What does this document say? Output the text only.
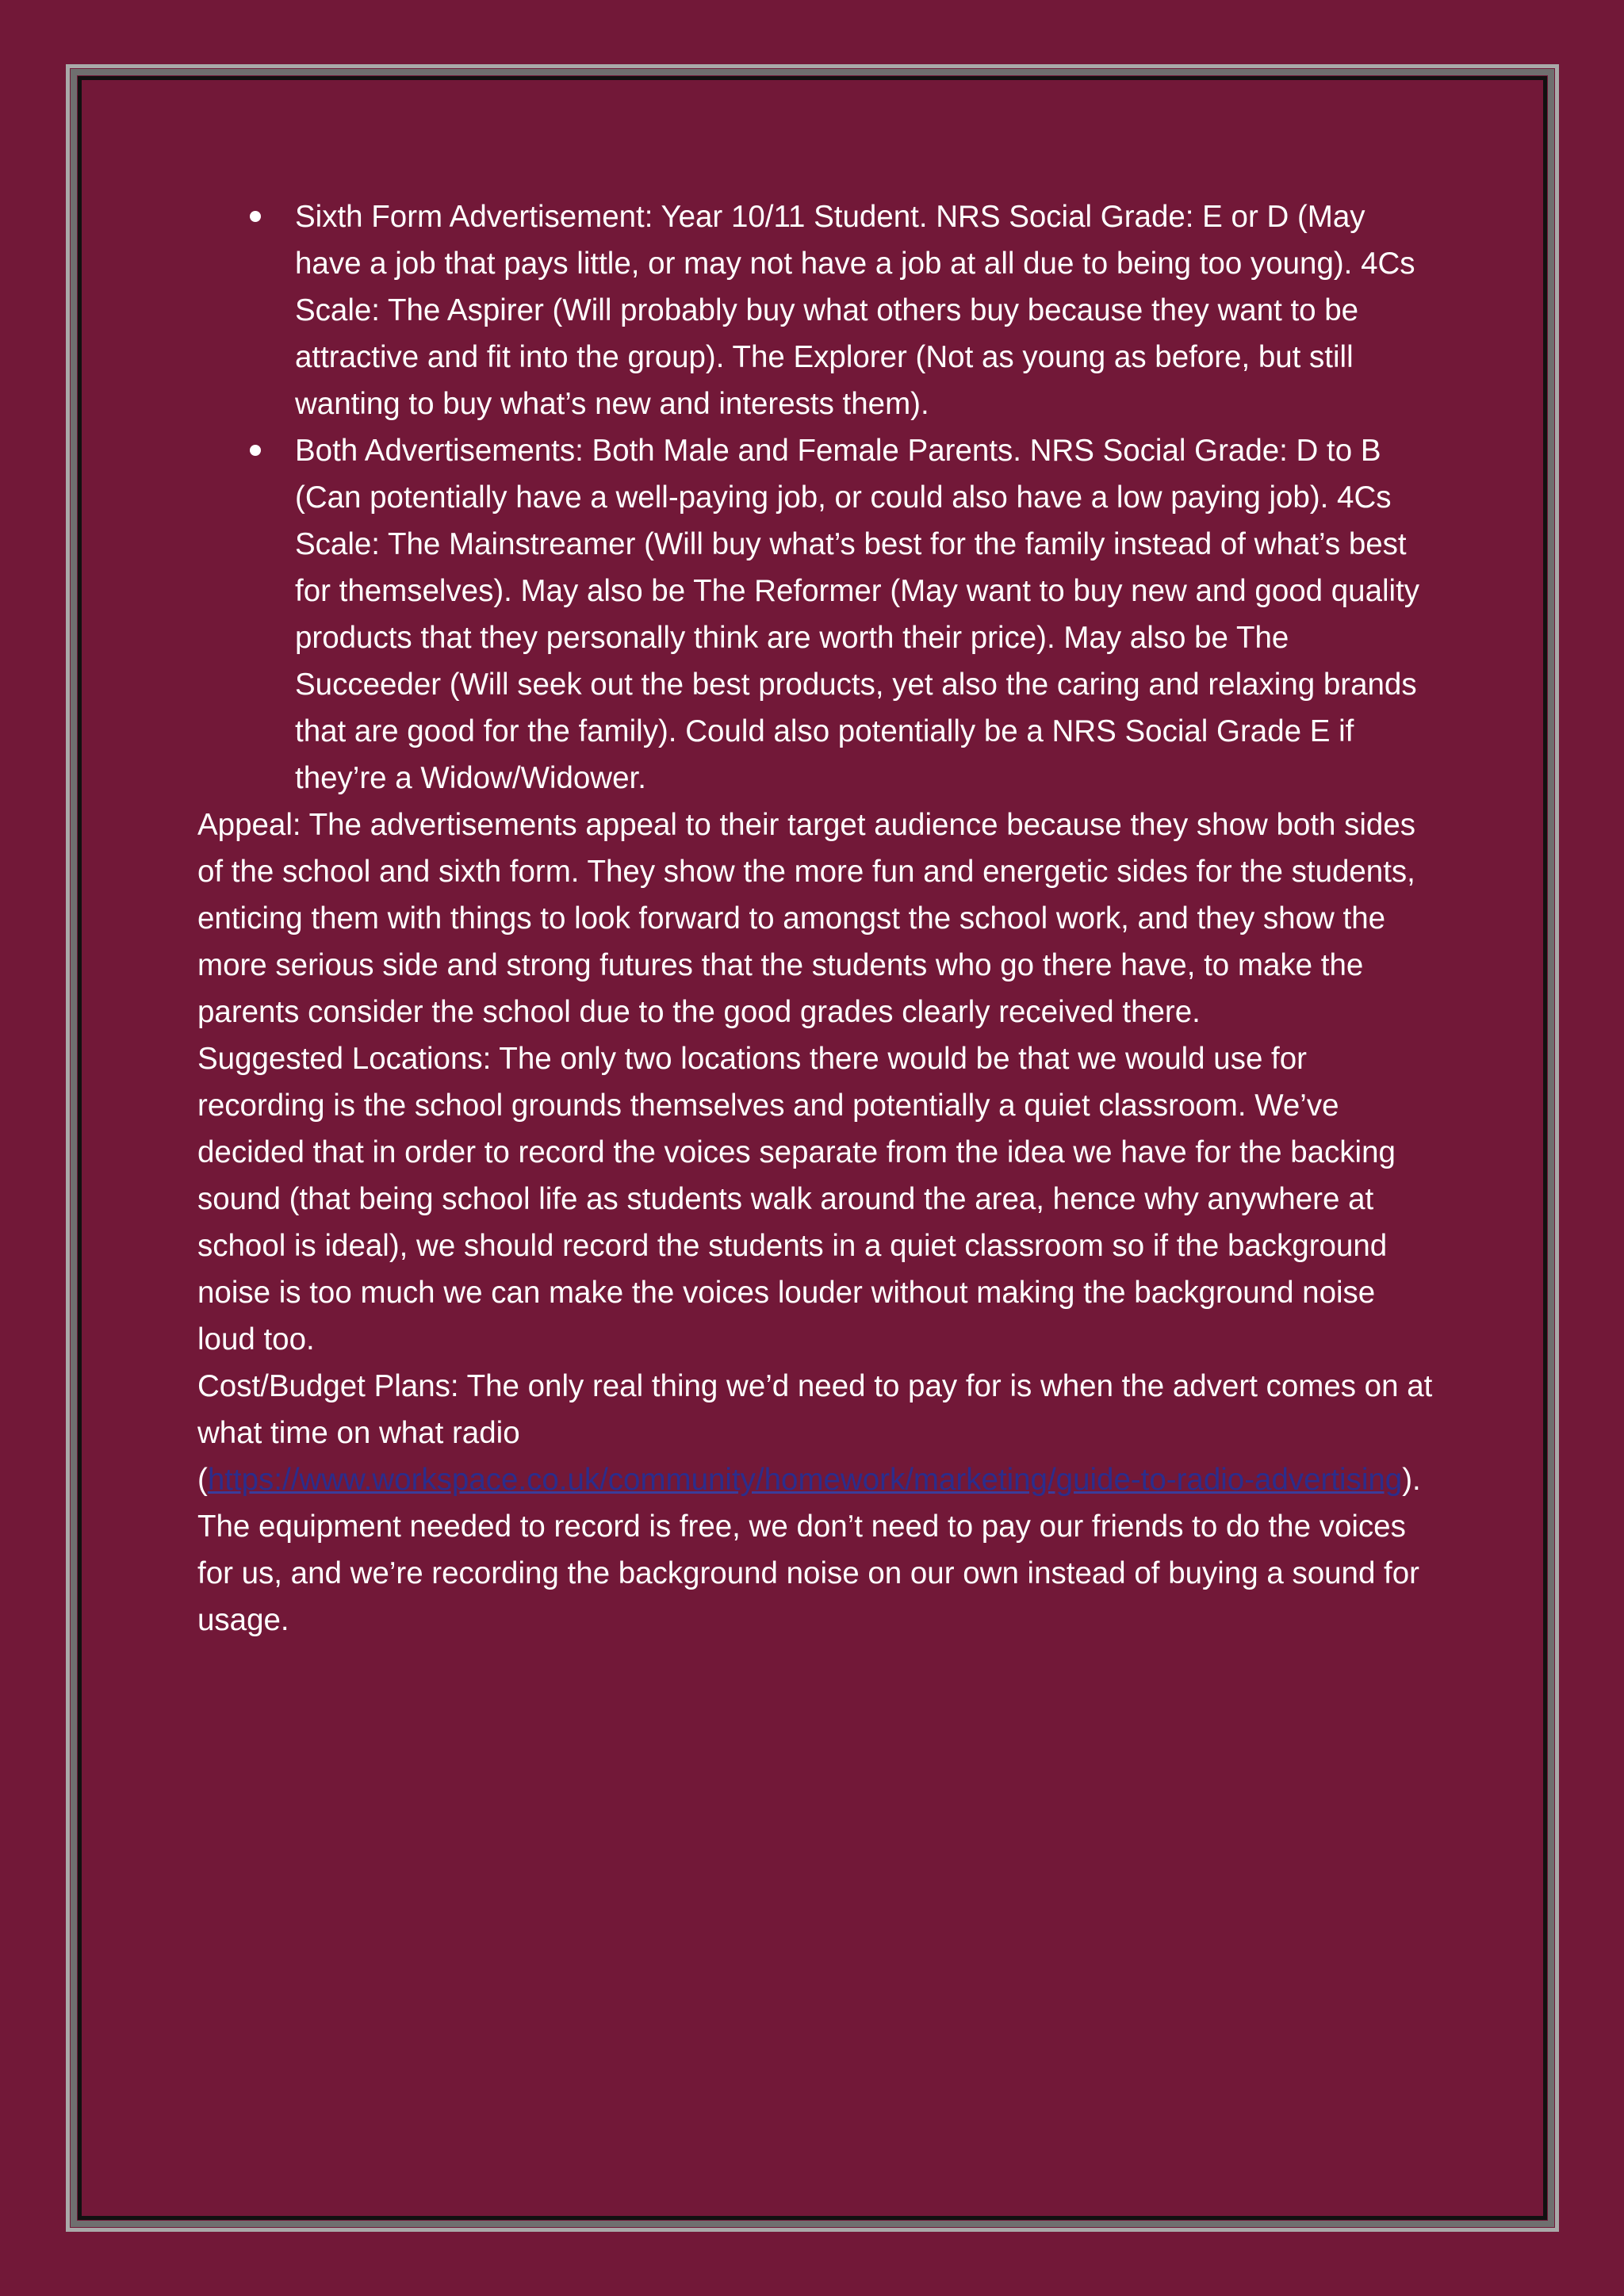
Sixth Form Advertisement: Year 10/11 Student. NRS Social Grade: E or D (May have a job that pays little, or may not have a job at all due to being too young). 4Cs Scale: The Aspirer (Will probably buy what others buy because they want to be attractive and fit into the group). The Explorer (Not as young as before, but still wanting to buy what’s new and interests them).
Both Advertisements: Both Male and Female Parents. NRS Social Grade: D to B (Can potentially have a well-paying job, or could also have a low paying job). 4Cs Scale: The Mainstreamer (Will buy what’s best for the family instead of what’s best for themselves). May also be The Reformer (May want to buy new and good quality products that they personally think are worth their price). May also be The Succeeder (Will seek out the best products, yet also the caring and relaxing brands that are good for the family). Could also potentially be a NRS Social Grade E if they’re a Widow/Widower.

Appeal: The advertisements appeal to their target audience because they show both sides of the school and sixth form. They show the more fun and energetic sides for the students, enticing them with things to look forward to amongst the school work, and they show the more serious side and strong futures that the students who go there have, to make the parents consider the school due to the good grades clearly received there.

Suggested Locations: The only two locations there would be that we would use for recording is the school grounds themselves and potentially a quiet classroom. We’ve decided that in order to record the voices separate from the idea we have for the backing sound (that being school life as students walk around the area, hence why anywhere at school is ideal), we should record the students in a quiet classroom so if the background noise is too much we can make the voices louder without making the background noise loud too.

Cost/Budget Plans: The only real thing we’d need to pay for is when the advert comes on at what time on what radio (https://www.workspace.co.uk/community/homework/marketing/guide-to-radio-advertising). The equipment needed to record is free, we don’t need to pay our friends to do the voices for us, and we’re recording the background noise on our own instead of buying a sound for usage.
